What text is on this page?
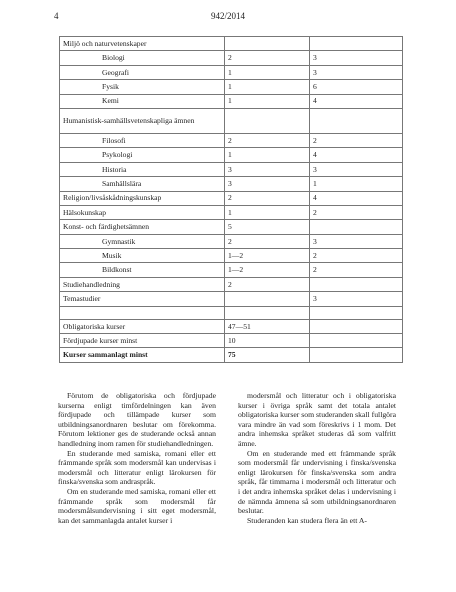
4	942/2014
Miljö och naturvetenskaper		
Biologi	2	3
Geografi	1	3
Fysik	1	6
Kemi	1	4
Humanistisk-samhällsvetenskapliga ämnen		
Filosofi	2	2
Psykologi	1	4
Historia	3	3
Samhällslära	3	1
Religion/livsåskådningskunskap	2	4
Hälsokunskap	1	2
Konst- och färdighetsämnen	5	
Gymnastik	2	3
Musik	1—2	2
Bildkonst	1—2	2
Studiehandledning	2	
Temastudier		3

Obligatoriska kurser	47—51	
Fördjupade kurser minst	10	
Kurser sammanlagt minst	75	

Förutom de obligatoriska och fördjupade kurserna enligt timfördelningen kan även fördjupade och tillämpade kurser som utbildningsanordnaren beslutar om förekomma. Förutom lektioner ges de studerande också annan handledning inom ramen för studiehandledningen.

En studerande med samiska, romani eller ett främmande språk som modersmål kan undervisas i modersmål och litteratur enligt lärokursen för finska/svenska som andraspråk.

Om en studerande med samiska, romani eller ett främmande språk som modersmål får modersmålsundervisning i sitt eget modersmål, kan det sammanlagda antalet kurser i

modersmål och litteratur och i obligatoriska kurser i övriga språk samt det totala antalet obligatoriska kurser som studeranden skall fullgöra vara mindre än vad som föreskrivs i 1 mom. Det andra inhemska språket studeras då som valfritt ämne.

Om en studerande med ett främmande språk som modersmål får undervisning i finska/svenska enligt lärokursen för finska/svenska som andra språk, får timmarna i modersmål och litteratur och i det andra inhemska språket delas i undervisning i de nämnda ämnena så som utbildningsanordnaren beslutar.

Studeranden kan studera flera än ett A-
